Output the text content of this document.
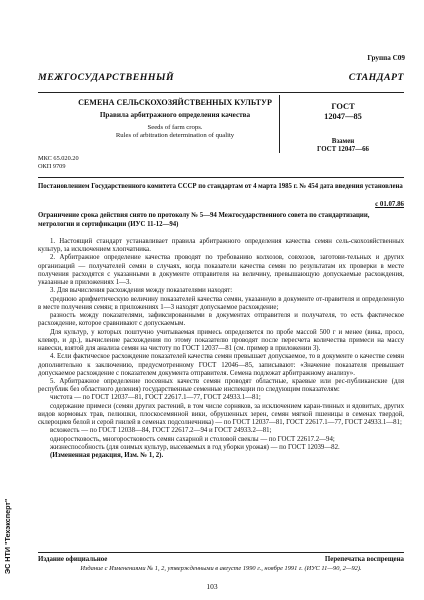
Группа С09
МЕЖГОСУДАРСТВЕННЫЙ СТАНДАРТ
СЕМЕНА СЕЛЬСКОХОЗЯЙСТВЕННЫХ КУЛЬТУР
Правила арбитражного определения качества
Seeds of farm crops.
Rules of arbitration determination of quality
ГОСТ
12047—85
Взамен
ГОСТ 12047—66
МКС 65.020.20
ОКП 9709
Постановлением Государственного комитета СССР по стандартам от 4 марта 1985 г. № 454 дата введения установлена
с 01.07.86
Ограничение срока действия снято по протоколу № 5—94 Межгосударственного совета по стандартизации, метрологии и сертификации (ИУС 11-12—94)

1. Настоящий стандарт устанавливает правила арбитражного определения качества семян сель-скохозяйственных культур, за исключением хлопчатника.

2. Арбитражное определение качества проводят по требованию колхозов, совхозов, заготови-тельных и других организаций — получателей семян в случаях, когда показатели качества семян по результатам их проверки в месте получения расходятся с указанными в документе отправителя на величину, превышающую допускаемые расхождения, указанные в приложениях 1—3.

3. Для вычисления расхождения между показателями находят:

среднюю арифметическую величину показателей качества семян, указанную в документе от-правителя и определенную в месте получения семян; в приложениях 1—3 находят допускаемое расхождение;

разность между показателями, зафиксированными в документах отправителя и получателя, то есть фактическое расхождение, которое сравнивают с допускаемым.

Для культур, у которых поштучно учитываемая примесь определяется по пробе массой 500 г и менее (вика, просо, клевер, и др.), вычисление расхождения по этому показателю проводят после пересчета количества примеси на массу навески, взятой для анализа семян на чистоту по ГОСТ 12037—81 (см. пример в приложении 3).

4. Если фактическое расхождение показателей качества семян превышает допускаемое, то в документе о качестве семян дополнительно к заключению, предусмотренному ГОСТ 12046—85, записывают: «Значение показателя превышает допускаемое расхождение с показателем документа отправителя. Семена подлежат арбитражному анализу».

5. Арбитражное определение посевных качеств семян проводят областные, краевые или рес-публиканские (для республик без областного деления) государственные семенные инспекции по следующим показателям:

чистота — по ГОСТ 12037—81, ГОСТ 22617.1—77, ГОСТ 24933.1—81;

содержание примеси (семян других растений, в том числе сорняков, за исключением каран-тинных и ядовитых, других видов кормовых трав, пелюшки, плоскосемянной вики, обрушенных зерен, семян мягкой пшеницы в семенах твердой, склероциев белой и серой гнилей в семенах подсолнечника) — по ГОСТ 12037—81, ГОСТ 22617.1—77, ГОСТ 24933.1—81;

всхожесть — по ГОСТ 12038—84, ГОСТ 22617.2—94 и ГОСТ 24933.2—81;

одноростковость, многоростковость семян сахарной и столовой свеклы — по ГОСТ 22617.2—94;

жизнеспособность (для озимых культур, высеваемых в год уборки урожая) — по ГОСТ 12039—82.

(Измененная редакция, Изм. № 1, 2).

Издание официальное	Перепечатка воспрещена
Издание с Изменениями № 1, 2, утвержденными в августе 1990 г., ноябре 1991 г. (ИУС 11—90, 2—92).
103
ЭС НТИ "Техэксперт"
